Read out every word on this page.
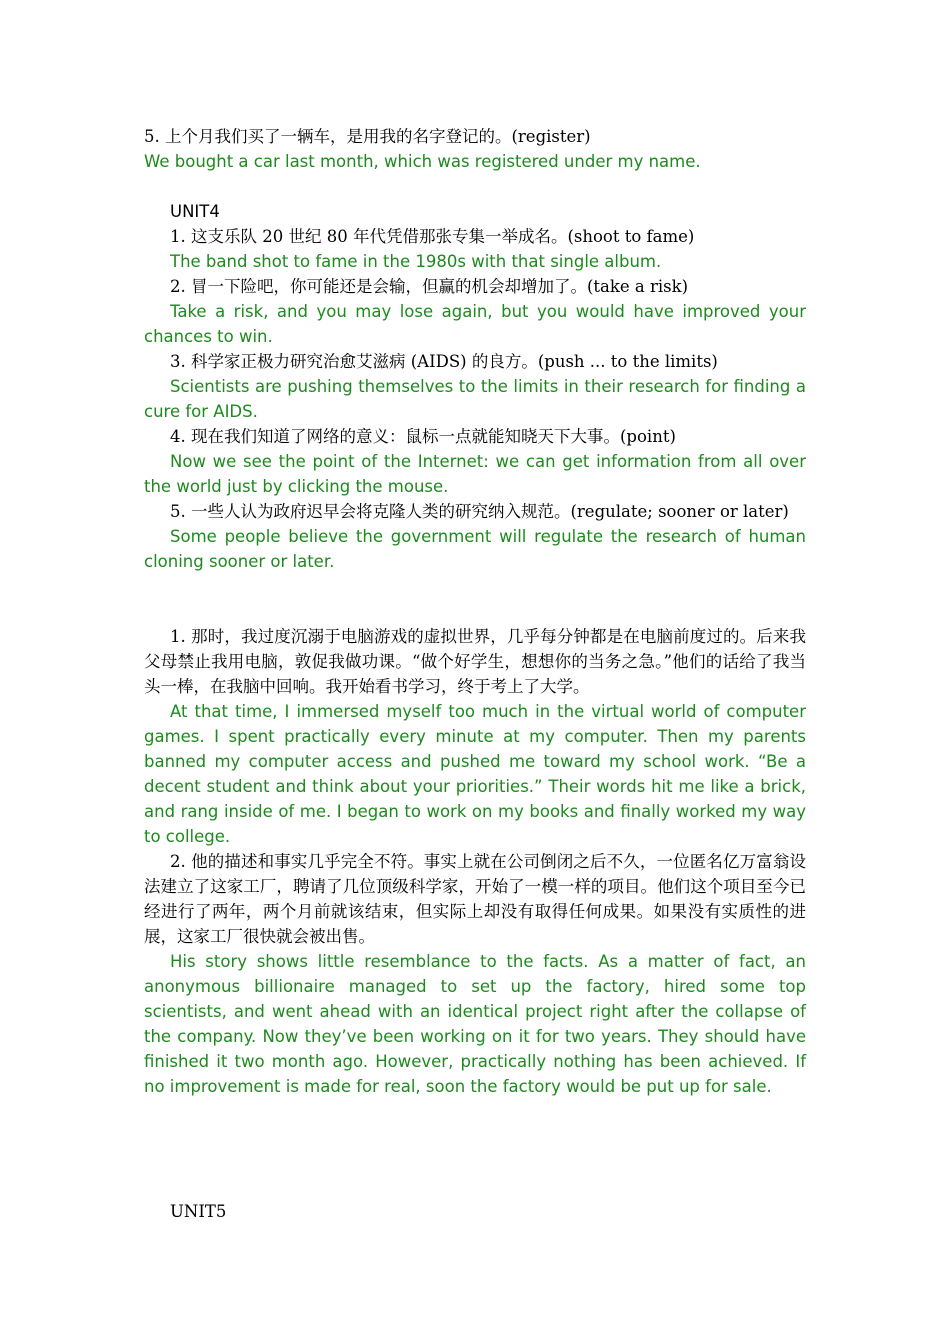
5. 上个月我们买了一辆车，是用我的名字登记的。(register)
We bought a car last month, which was registered under my name.
UNIT4
1. 这支乐队 20 世纪 80 年代凭借那张专集一举成名。(shoot to fame)
The band shot to fame in the 1980s with that single album.
2. 冒一下险吧，你可能还是会输，但赢的机会却增加了。(take a risk)
Take a risk, and you may lose again, but you would have improved your chances to win.
3. 科学家正极力研究治愈艾滋病 (AIDS) 的良方。(push ... to the limits)
Scientists are pushing themselves to the limits in their research for finding a cure for AIDS.
4. 现在我们知道了网络的意义：鼠标一点就能知晓天下大事。(point)
Now we see the point of the Internet: we can get information from all over the world just by clicking the mouse.
5. 一些人认为政府迟早会将克隆人类的研究纳入规范。(regulate; sooner or later)
Some people believe the government will regulate the research of human cloning sooner or later.
1. 那时，我过度沉溺于电脑游戏的虚拟世界，几乎每分钟都是在电脑前度过的。后来我父母禁止我用电脑，敦促我做功课。“做个好学生，想想你的当务之急。”他们的话给了我当头一棒，在我脑中回响。我开始看书学习，终于考上了大学。
At that time, I immersed myself too much in the virtual world of computer games. I spent practically every minute at my computer. Then my parents banned my computer access and pushed me toward my school work. “Be a decent student and think about your priorities.” Their words hit me like a brick, and rang inside of me. I began to work on my books and finally worked my way to college.
2. 他的描述和事实几乎完全不符。事实上就在公司倒闭之后不久，一位匿名亿万富翁设法建立了这家工厂，聘请了几位顶级科学家，开始了一模一样的项目。他们这个项目至今已经进行了两年，两个月前就该结束，但实际上却没有取得任何成果。如果没有实质性的进展，这家工厂很快就会被出售。
His story shows little resemblance to the facts. As a matter of fact, an anonymous billionaire managed to set up the factory, hired some top scientists, and went ahead with an identical project right after the collapse of the company. Now they’ve been working on it for two years. They should have finished it two month ago. However, practically nothing has been achieved. If no improvement is made for real, soon the factory would be put up for sale.
UNIT5
